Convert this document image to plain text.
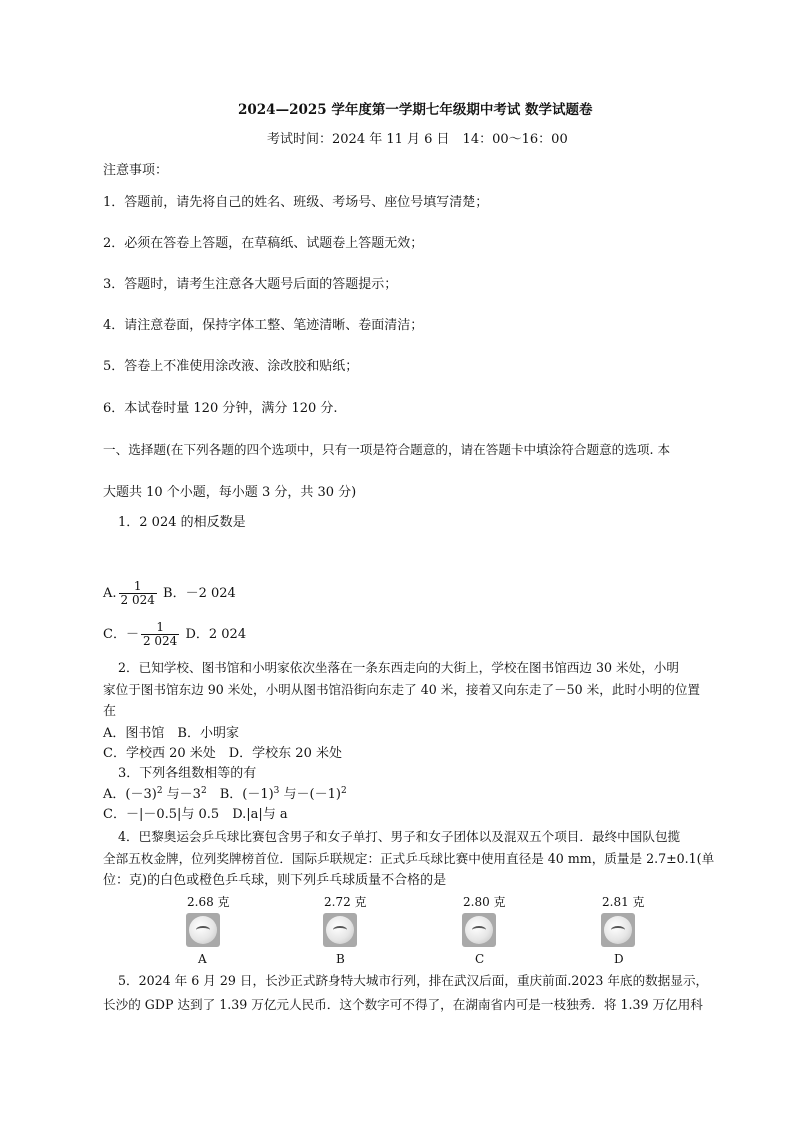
2024—2025 学年度第一学期七年级期中考试 数学试题卷
考试时间：2024 年 11 月 6 日　14：00～16：00
注意事项：
1．答题前，请先将自己的姓名、班级、考场号、座位号填写清楚；
2．必须在答卷上答题，在草稿纸、试题卷上答题无效；
3．答题时，请考生注意各大题号后面的答题提示；
4．请注意卷面，保持字体工整、笔迹清晰、卷面清洁；
5．答卷上不准使用涂改液、涂改胶和贴纸；
6．本试卷时量 120 分钟，满分 120 分.
一、选择题(在下列各题的四个选项中，只有一项是符合题意的，请在答题卡中填涂符合题意的选项. 本
大题共 10 个小题，每小题 3 分，共 30 分)
1．2 024 的相反数是
A. $\frac{1}{2 024}$ B．－2 024
C．－ $\frac{1}{2 024}$ D．2 024
2．已知学校、图书馆和小明家依次坐落在一条东西走向的大街上，学校在图书馆西边 30 米处，小明
家位于图书馆东边 90 米处，小明从图书馆沿街向东走了 40 米，接着又向东走了－50 米，此时小明的位置
在
A．图书馆　B．小明家
C．学校西 20 米处　D．学校东 20 米处
3．下列各组数相等的有
A．$(-3)^2$ 与$-3^2$　B．$(-1)^3$ 与$-(-1)^2$
C．－|－0.5|与 0.5　D.|a|与 a
4．巴黎奥运会乒乓球比赛包含男子和女子单打、男子和女子团体以及混双五个项目．最终中国队包揽
全部五枚金牌，位列奖牌榜首位．国际乒联规定：正式乒乓球比赛中使用直径是 40 mm，质量是 2.7±0.1(单
位：克)的白色或橙色乒乓球，则下列乒乓球质量不合格的是
2.68 克
A
2.72 克
B
2.80 克
C
2.81 克
D
5．2024 年 6 月 29 日，长沙正式跻身特大城市行列，排在武汉后面，重庆前面.2023 年底的数据显示，
长沙的 GDP 达到了 1.39 万亿元人民币．这个数字可不得了，在湖南省内可是一枝独秀．将 1.39 万亿用科
